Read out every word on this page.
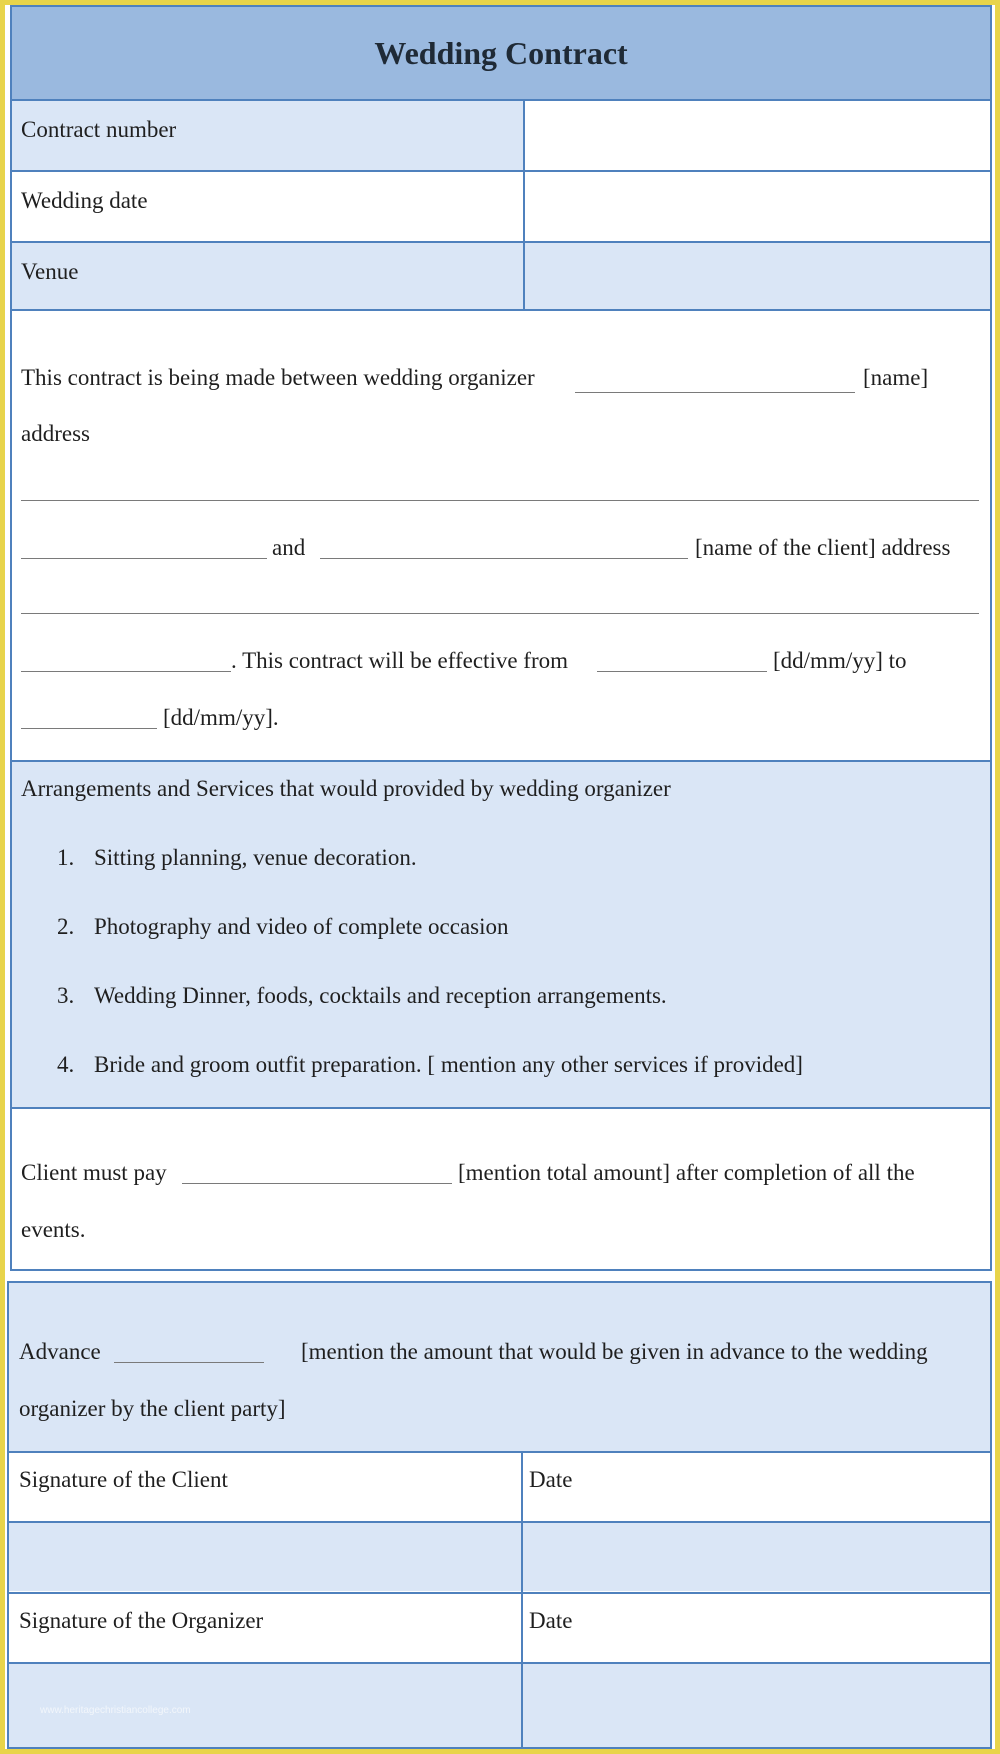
Wedding Contract
Contract number
Wedding date
Venue
This contract is being made between wedding organizer	[name]
address
and	[name of the client] address
. This contract will be effective from	[dd/mm/yy] to
[dd/mm/yy].
Arrangements and Services that would provided by wedding organizer
1. Sitting planning, venue decoration.
2. Photography and video of complete occasion
3. Wedding Dinner, foods, cocktails and reception arrangements.
4. Bride and groom outfit preparation. [ mention any other services if provided]
Client must pay	[mention total amount] after completion of all the
events.
Advance	[mention the amount that would be given in advance to the wedding
organizer by the client party]
Signature of the Client	Date
Signature of the Organizer	Date
www.heritagechristiancollege.com
